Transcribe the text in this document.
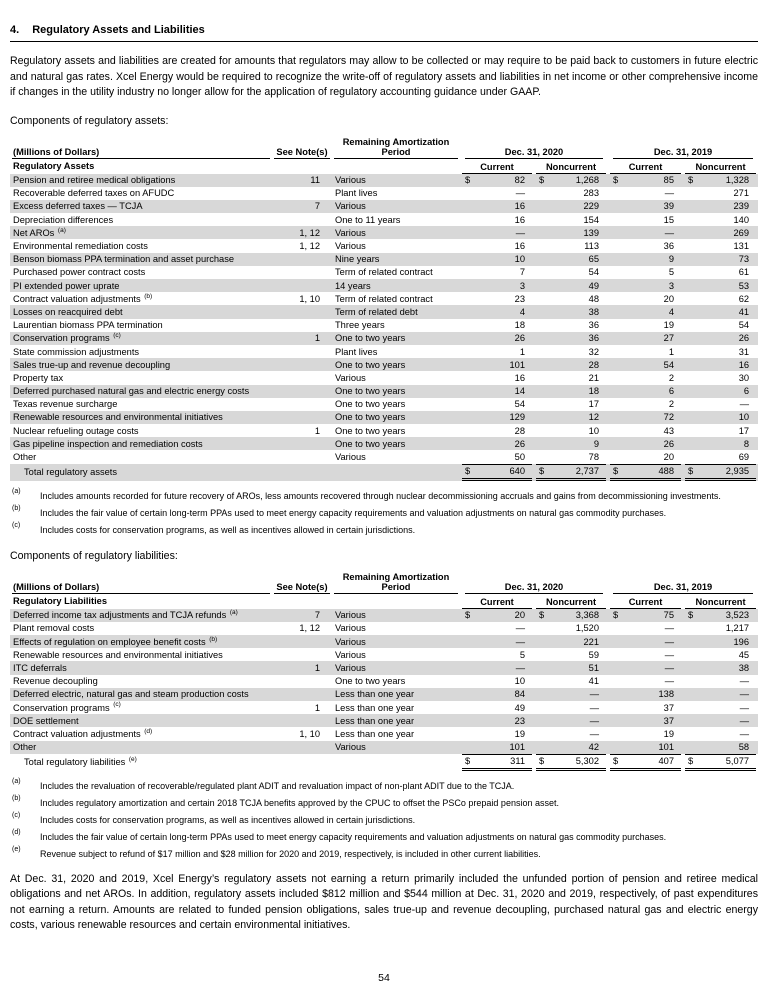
4. Regulatory Assets and Liabilities

Regulatory assets and liabilities are created for amounts that regulators may allow to be collected or may require to be paid back to customers in future electric and natural gas rates. Xcel Energy would be required to recognize the write-off of regulatory assets and liabilities in net income or other comprehensive income if changes in the utility industry no longer allow for the application of regulatory accounting guidance under GAAP.

Components of regulatory assets:

(Millions of Dollars)	See Note(s)	Remaining Amortization
Period	Dec. 31, 2020		Dec. 31, 2019	

Regulatory Assets			Current	Noncurrent	Current	Noncurrent

Pension and retiree medical obligations	11	Various	$ 82	$ 1,268	$ 85	$ 1,328

Recoverable deferred taxes on AFUDC		Plant lives	—	283	—	271

Excess deferred taxes — TCJA	7	Various	16	229	39	239

Depreciation differences		One to 11 years	16	154	15	140

Net AROs $^{(a)}$	1, 12	Various	—	139	—	269

Environmental remediation costs	1, 12	Various	16	113	36	131

Benson biomass PPA termination and asset purchase		Nine years	10	65	9	73

Purchased power contract costs		Term of related contract	7	54	5	61

PI extended power uprate		14 years	3	49	3	53

Contract valuation adjustments $^{(b)}$	1, 10	Term of related contract	23	48	20	62

Losses on reacquired debt		Term of related debt	4	38	4	41

Laurentian biomass PPA termination		Three years	18	36	19	54

Conservation programs $^{(c)}$	1	One to two years	26	36	27	26

State commission adjustments		Plant lives	1	32	1	31

Sales true-up and revenue decoupling		One to two years	101	28	54	16

Property tax		Various	16	21	2	30

Deferred purchased natural gas and electric energy costs		One to two years	14	18	6	6

Texas revenue surcharge		One to two years	54	17	2	—

Renewable resources and environmental initiatives		One to two years	129	12	72	10

Nuclear refueling outage costs	1	One to two years	28	10	43	17

Gas pipeline inspection and remediation costs		One to two years	26	9	26	8

Other		Various	50	78	20	69

Total regulatory assets			$ 640	$ 2,737	$ 488	$ 2,935
(a)	Includes amounts recorded for future recovery of AROs, less amounts recovered through nuclear decommissioning accruals and gains from decommissioning investments.
(b)	Includes the fair value of certain long-term PPAs used to meet energy capacity requirements and valuation adjustments on natural gas commodity purchases.
(c)	Includes costs for conservation programs, as well as incentives allowed in certain jurisdictions.

Components of regulatory liabilities:

(Millions of Dollars)	See Note(s)	Remaining Amortization
Period	Dec. 31, 2020		Dec. 31, 2019	

Regulatory Liabilities			Current	Noncurrent	Current	Noncurrent

Deferred income tax adjustments and TCJA refunds $^{(a)}$	7	Various	$ 20	$ 3,368	$ 75	$ 3,523

Plant removal costs	1, 12	Various	—	1,520	—	1,217

Effects of regulation on employee benefit costs $^{(b)}$		Various	—	221	—	196

Renewable resources and environmental initiatives		Various	5	59	—	45

ITC deferrals	1	Various	—	51	—	38

Revenue decoupling		One to two years	10	41	—	—

Deferred electric, natural gas and steam production costs		Less than one year	84	—	138	—

Conservation programs $^{(c)}$	1	Less than one year	49	—	37	—

DOE settlement		Less than one year	23	—	37	—

Contract valuation adjustments $^{(d)}$	1, 10	Less than one year	19	—	19	—

Other		Various	101	42	101	58

Total regulatory liabilities $^{(e)}$			$ 311	$ 5,302	$ 407	$ 5,077
(a)	Includes the revaluation of recoverable/regulated plant ADIT and revaluation impact of non-plant ADIT due to the TCJA.
(b)	Includes regulatory amortization and certain 2018 TCJA benefits approved by the CPUC to offset the PSCo prepaid pension asset.
(c)	Includes costs for conservation programs, as well as incentives allowed in certain jurisdictions.
(d)	Includes the fair value of certain long-term PPAs used to meet energy capacity requirements and valuation adjustments on natural gas commodity purchases.
(e)	Revenue subject to refund of $17 million and $28 million for 2020 and 2019, respectively, is included in other current liabilities.

At Dec. 31, 2020 and 2019, Xcel Energy’s regulatory assets not earning a return primarily included the unfunded portion of pension and retiree medical obligations and net AROs. In addition, regulatory assets included $812 million and $544 million at Dec. 31, 2020 and 2019, respectively, of past expenditures not earning a return. Amounts are related to funded pension obligations, sales true-up and revenue decoupling, purchased natural gas and electric energy costs, various renewable resources and certain environmental initiatives.

54
